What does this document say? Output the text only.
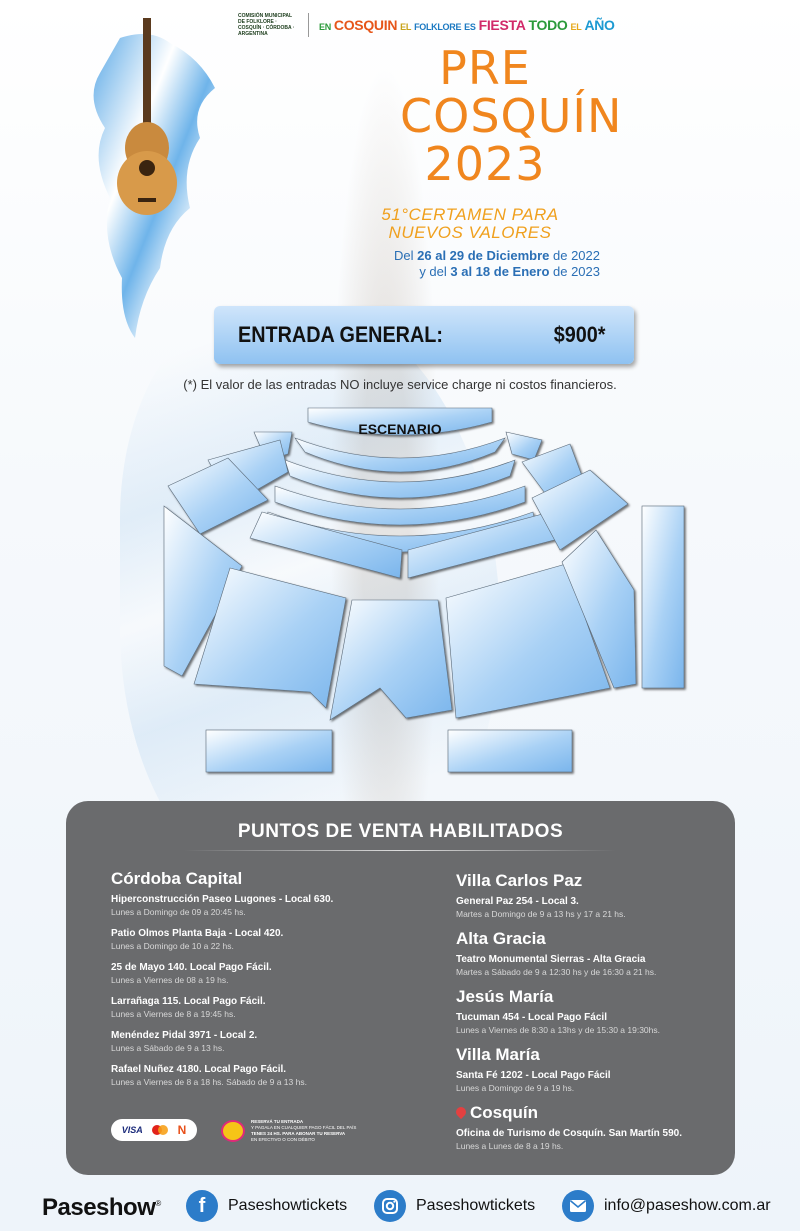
COMISIÓN MUNICIPAL DE FOLKLORE · COSQUÍN · CÓRDOBA · ARGENTINA
EN COSQUIN EL FOLKLORE ES FIESTA TODO EL AÑO
PRE
COSQUÍN
2023
51°CERTAMEN PARA
NUEVOS VALORES
Del 26 al 29 de Diciembre de 2022
y del 3 al 18 de Enero de 2023
ENTRADA GENERAL:	$900*
(*) El valor de las entradas NO incluye service charge ni costos financieros.
ESCENARIO
PUNTOS DE VENTA HABILITADOS
Córdoba Capital
Hiperconstrucción Paseo Lugones - Local 630.
Lunes a Domingo de 09 a 20:45 hs.
Patio Olmos Planta Baja - Local 420.
Lunes a Domingo de 10 a 22 hs.
25 de Mayo 140. Local Pago Fácil.
Lunes a Viernes de 08 a 19 hs.
Larrañaga 115. Local Pago Fácil.
Lunes a Viernes de 8 a 19:45 hs.
Menéndez Pidal 3971 - Local 2.
Lunes a Sábado de 9 a 13 hs.
Rafael Nuñez 4180. Local Pago Fácil.
Lunes a Viernes de 8 a 18 hs. Sábado de 9 a 13 hs.
Villa Carlos Paz
General Paz 254 - Local 3.
Martes a Domingo de 9 a 13 hs y 17 a 21 hs.
Alta Gracia
Teatro Monumental Sierras - Alta Gracia
Martes a Sábado de 9 a 12:30 hs y de 16:30 a 21 hs.
Jesús María
Tucuman 454 - Local Pago Fácil
Lunes a Viernes de 8:30 a 13hs y de 15:30 a 19:30hs.
Villa María
Santa Fé 1202 - Local Pago Fácil
Lunes a Domingo de 9 a 19 hs.
Cosquín
Oficina de Turismo de Cosquín. San Martín 590.
Lunes a Lunes de 8 a 19 hs.
VISA	N
RESERVÁ TU ENTRADA
Y PAGALA EN CUALQUIER PAGO FÁCIL DEL PAÍS
TENES 24 HS. PARA ABONAR TU RESERVA
EN EFECTIVO O CON DÉBITO
Paseshow®	f	Paseshowtickets	Paseshowtickets	info@paseshow.com.ar
